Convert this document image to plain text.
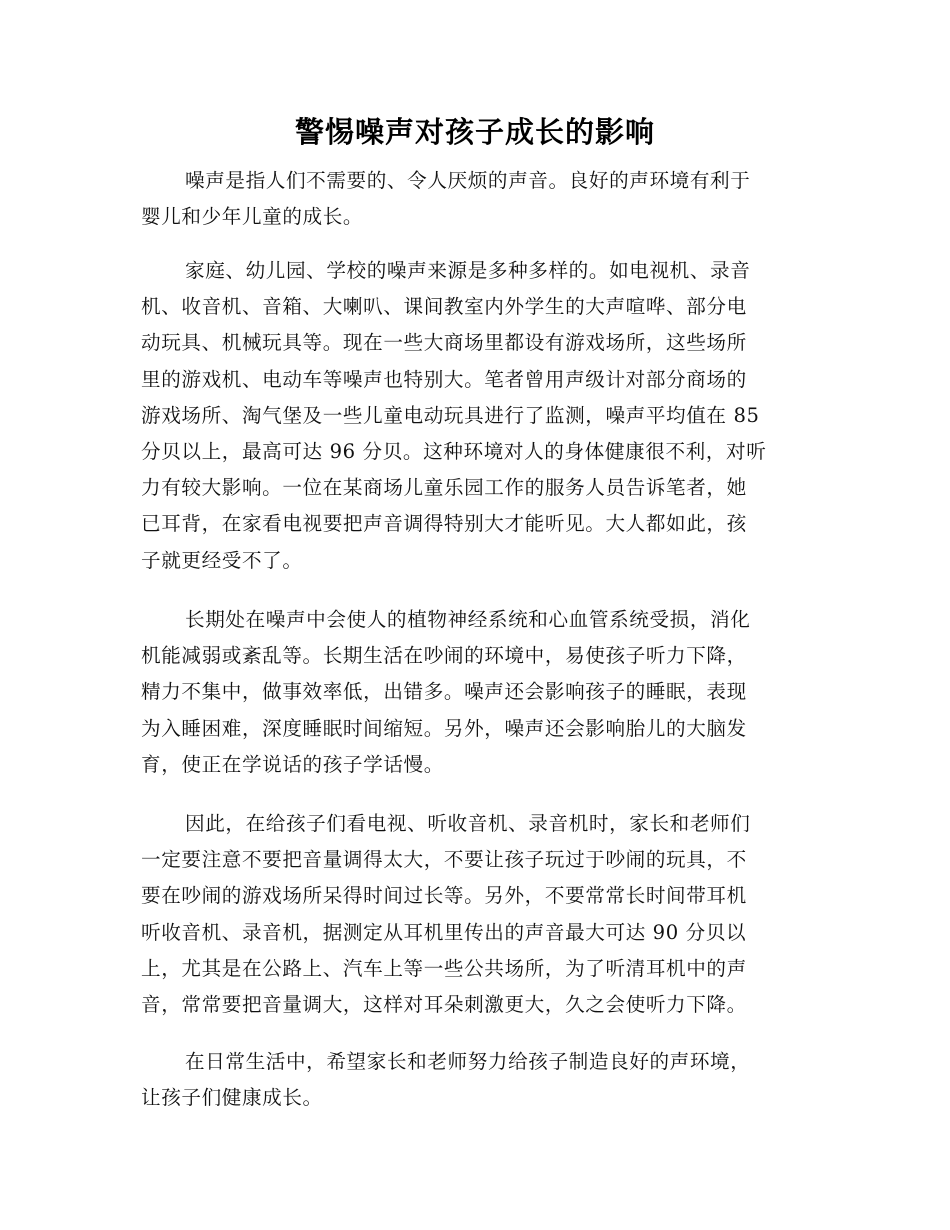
警惕噪声对孩子成长的影响
噪声是指人们不需要的、令人厌烦的声音。良好的声环境有利于
婴儿和少年儿童的成长。
家庭、幼儿园、学校的噪声来源是多种多样的。如电视机、录音
机、收音机、音箱、大喇叭、课间教室内外学生的大声喧哗、部分电
动玩具、机械玩具等。现在一些大商场里都设有游戏场所，这些场所
里的游戏机、电动车等噪声也特别大。笔者曾用声级计对部分商场的
游戏场所、淘气堡及一些儿童电动玩具进行了监测，噪声平均值在 85
分贝以上，最高可达 96 分贝。这种环境对人的身体健康很不利，对听
力有较大影响。一位在某商场儿童乐园工作的服务人员告诉笔者，她
已耳背，在家看电视要把声音调得特别大才能听见。大人都如此，孩
子就更经受不了。
长期处在噪声中会使人的植物神经系统和心血管系统受损，消化
机能减弱或紊乱等。长期生活在吵闹的环境中，易使孩子听力下降，
精力不集中，做事效率低，出错多。噪声还会影响孩子的睡眠，表现
为入睡困难，深度睡眠时间缩短。另外，噪声还会影响胎儿的大脑发
育，使正在学说话的孩子学话慢。
因此，在给孩子们看电视、听收音机、录音机时，家长和老师们
一定要注意不要把音量调得太大，不要让孩子玩过于吵闹的玩具，不
要在吵闹的游戏场所呆得时间过长等。另外，不要常常长时间带耳机
听收音机、录音机，据测定从耳机里传出的声音最大可达 90 分贝以
上，尤其是在公路上、汽车上等一些公共场所，为了听清耳机中的声
音，常常要把音量调大，这样对耳朵刺激更大，久之会使听力下降。
在日常生活中，希望家长和老师努力给孩子制造良好的声环境，
让孩子们健康成长。
